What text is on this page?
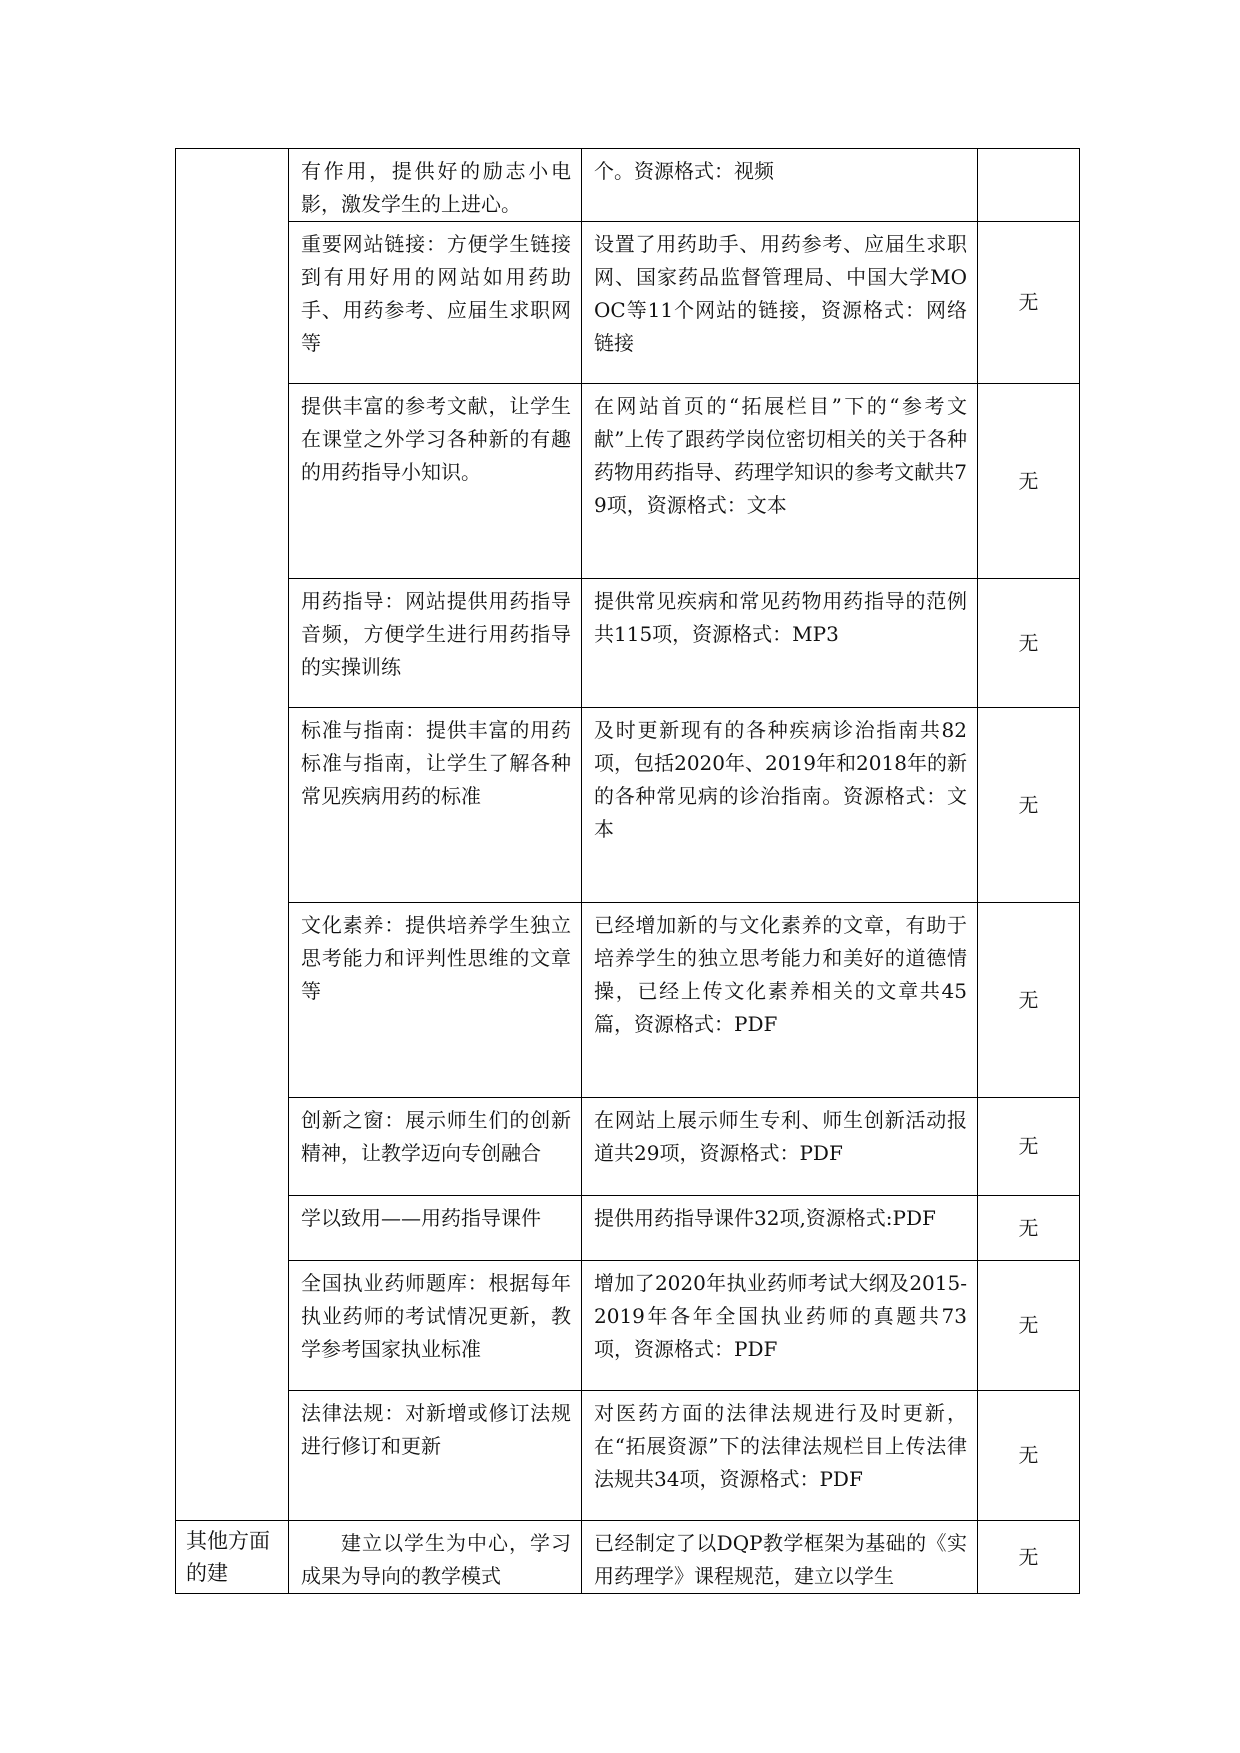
	有作用，提供好的励志小电影，激发学生的上进心。	个。资源格式：视频	
	重要网站链接：方便学生链接到有用好用的网站如用药助手、用药参考、应届生求职网等	设置了用药助手、用药参考、应届生求职网、国家药品监督管理局、中国大学MOOC等11个网站的链接，资源格式：网络链接	无
	提供丰富的参考文献，让学生在课堂之外学习各种新的有趣的用药指导小知识。	在网站首页的“拓展栏目”下的“参考文献”上传了跟药学岗位密切相关的关于各种药物用药指导、药理学知识的参考文献共79项，资源格式：文本	无
	用药指导：网站提供用药指导音频，方便学生进行用药指导的实操训练	提供常见疾病和常见药物用药指导的范例共115项，资源格式：MP3	无
	标准与指南：提供丰富的用药标准与指南，让学生了解各种常见疾病用药的标准	及时更新现有的各种疾病诊治指南共82项，包括2020年、2019年和2018年的新的各种常见病的诊治指南。资源格式：文本	无
	文化素养：提供培养学生独立思考能力和评判性思维的文章等	已经增加新的与文化素养的文章，有助于培养学生的独立思考能力和美好的道德情操，已经上传文化素养相关的文章共45篇，资源格式：PDF	无
	创新之窗：展示师生们的创新精神，让教学迈向专创融合	在网站上展示师生专利、师生创新活动报道共29项，资源格式：PDF	无
	学以致用——用药指导课件	提供用药指导课件32项,资源格式:PDF	无
	全国执业药师题库：根据每年执业药师的考试情况更新，教学参考国家执业标准	增加了2020年执业药师考试大纲及2015-2019年各年全国执业药师的真题共73项，资源格式：PDF	无
	法律法规：对新增或修订法规进行修订和更新	对医药方面的法律法规进行及时更新，在“拓展资源”下的法律法规栏目上传法律法规共34项，资源格式：PDF	无
其他方面的建	建立以学生为中心，学习成果为导向的教学模式	已经制定了以DQP教学框架为基础的《实用药理学》课程规范，建立以学生	无
